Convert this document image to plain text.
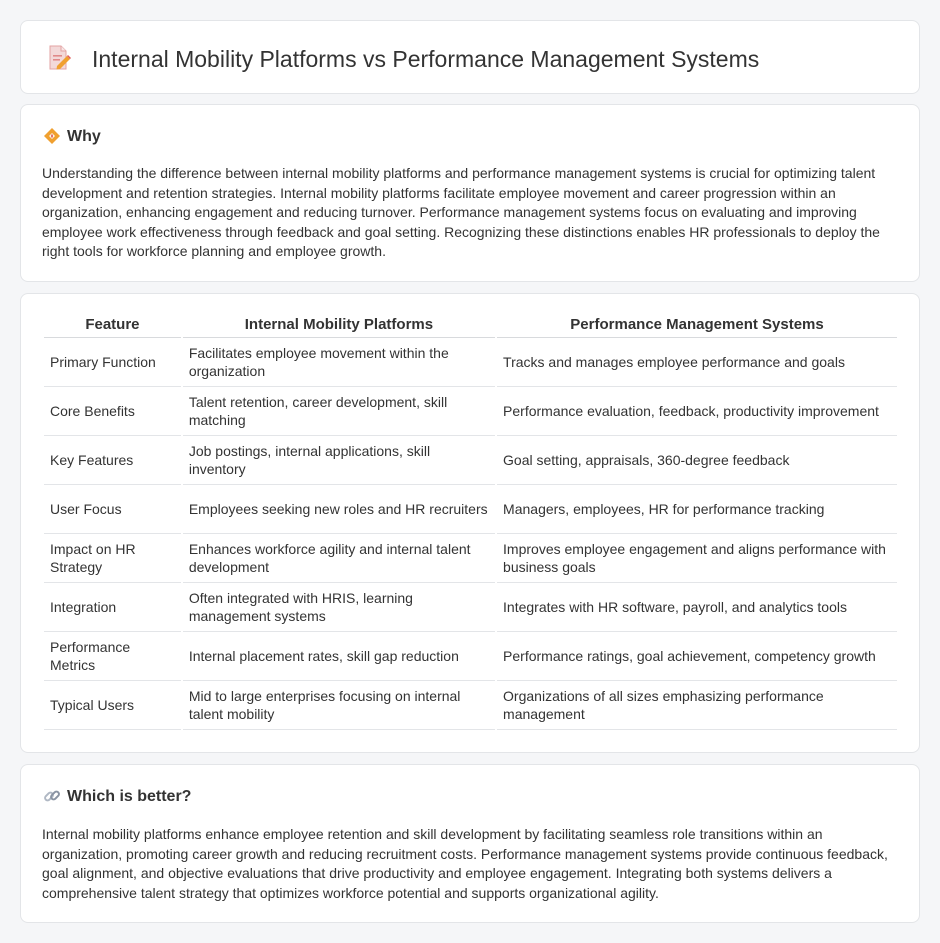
Internal Mobility Platforms vs Performance Management Systems
Why

Understanding the difference between internal mobility platforms and performance management systems is crucial for optimizing talent development and retention strategies. Internal mobility platforms facilitate employee movement and career progression within an organization, enhancing engagement and reducing turnover. Performance management systems focus on evaluating and improving employee work effectiveness through feedback and goal setting. Recognizing these distinctions enables HR professionals to deploy the right tools for workforce planning and employee growth.

Feature	Internal Mobility Platforms	Performance Management Systems
Primary Function	Facilitates employee movement within the organization	Tracks and manages employee performance and goals
Core Benefits	Talent retention, career development, skill matching	Performance evaluation, feedback, productivity improvement
Key Features	Job postings, internal applications, skill inventory	Goal setting, appraisals, 360-degree feedback
User Focus	Employees seeking new roles and HR recruiters	Managers, employees, HR for performance tracking
Impact on HR Strategy	Enhances workforce agility and internal talent development	Improves employee engagement and aligns performance with business goals
Integration	Often integrated with HRIS, learning management systems	Integrates with HR software, payroll, and analytics tools
Performance Metrics	Internal placement rates, skill gap reduction	Performance ratings, goal achievement, competency growth
Typical Users	Mid to large enterprises focusing on internal talent mobility	Organizations of all sizes emphasizing performance management
Which is better?

Internal mobility platforms enhance employee retention and skill development by facilitating seamless role transitions within an organization, promoting career growth and reducing recruitment costs. Performance management systems provide continuous feedback, goal alignment, and objective evaluations that drive productivity and employee engagement. Integrating both systems delivers a comprehensive talent strategy that optimizes workforce potential and supports organizational agility.
